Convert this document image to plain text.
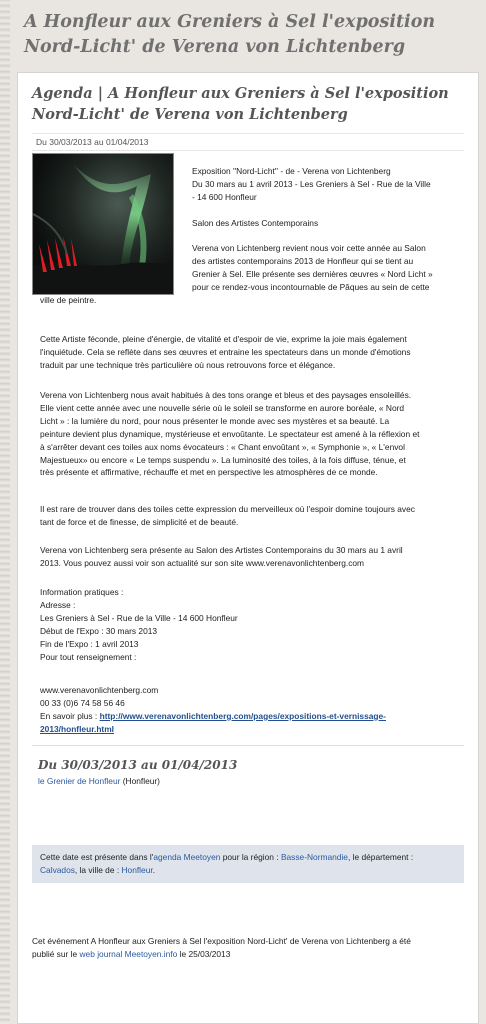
A Honfleur aux Greniers à Sel l'exposition Nord-Licht' de Verena von Lichtenberg
Agenda | A Honfleur aux Greniers à Sel l'exposition Nord-Licht' de Verena von Lichtenberg
Du 30/03/2013 au 01/04/2013
Exposition ''Nord-Licht'' - de - Verena von Lichtenberg
Du 30 mars au 1 avril 2013 - Les Greniers à Sel - Rue de la Ville
- 14 600 Honfleur
Salon des Artistes Contemporains
Verena von Lichtenberg revient nous voir cette année au Salon
des artistes contemporains 2013 de Honfleur qui se tient au
Grenier à Sel. Elle présente ses dernières œuvres « Nord Licht »
pour ce rendez-vous incontournable de Pâques au sein de cette
ville de peintre.
Cette Artiste féconde, pleine d'énergie, de vitalité et d'espoir de vie, exprime la joie mais également
l'inquiétude. Cela se reflète dans ses œuvres et entraine les spectateurs dans un monde d'émotions
traduit par une technique très particulière où nous retrouvons force et élégance.
Verena von Lichtenberg nous avait habitués à des tons orange et bleus et des paysages ensoleillés.
Elle vient cette année avec une nouvelle série où le soleil se transforme en aurore boréale, « Nord
Licht » : la lumière du nord, pour nous présenter le monde avec ses mystères et sa beauté. La
peinture devient plus dynamique, mystérieuse et envoûtante. Le spectateur est amené à la réflexion et
à s'arrêter devant ces toiles aux noms évocateurs : « Chant envoûtant », « Symphonie », « L'envol
Majestueux» ou encore « Le temps suspendu ». La luminosité des toiles, à la fois diffuse, ténue, et
très présente et affirmative, réchauffe et met en perspective les atmosphères de ce monde.
Il est rare de trouver dans des toiles cette expression du merveilleux où l'espoir domine toujours avec
tant de force et de finesse, de simplicité et de beauté.
Verena von Lichtenberg sera présente au Salon des Artistes Contemporains du 30 mars au 1 avril
2013. Vous pouvez aussi voir son actualité sur son site www.verenavonlichtenberg.com
Information pratiques :
Adresse :
Les Greniers à Sel - Rue de la Ville - 14 600 Honfleur
Début de l'Expo : 30 mars 2013
Fin de l'Expo : 1 avril 2013
Pour tout renseignement :
www.verenavonlichtenberg.com
00 33 (0)6 74 58 56 46
En savoir plus : http://www.verenavonlichtenberg.com/pages/expositions-et-vernissage-
2013/honfleur.html
Du 30/03/2013 au 01/04/2013
le Grenier de Honfleur (Honfleur)
Cette date est présente dans l'agenda Meetoyen pour la région : Basse-Normandie, le département :
Calvados, la ville de : Honfleur.
Cet événement A Honfleur aux Greniers à Sel l'exposition Nord-Licht' de Verena von Lichtenberg a été
publié sur le web journal Meetoyen.info le 25/03/2013
